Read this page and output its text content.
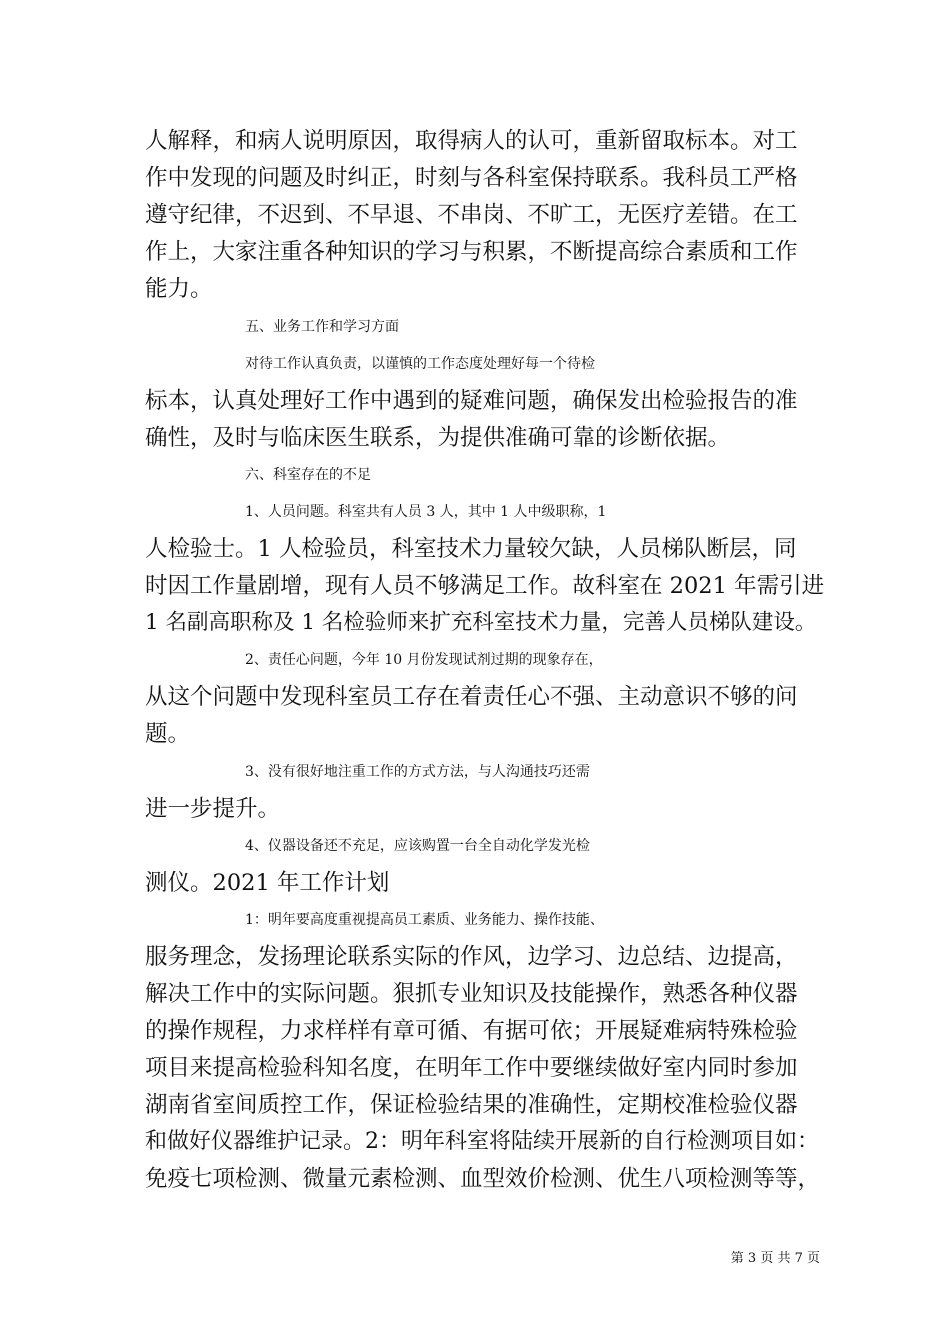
人解释，和病人说明原因，取得病人的认可，重新留取标本。对工
作中发现的问题及时纠正，时刻与各科室保持联系。我科员工严格
遵守纪律，不迟到、不早退、不串岗、不旷工，无医疗差错。在工
作上，大家注重各种知识的学习与积累，不断提高综合素质和工作
能力。
五、业务工作和学习方面
对待工作认真负责，以谨慎的工作态度处理好每一个待检
标本，认真处理好工作中遇到的疑难问题，确保发出检验报告的准
确性，及时与临床医生联系，为提供准确可靠的诊断依据。
六、科室存在的不足
1、人员问题。科室共有人员 3 人，其中 1 人中级职称，1
人检验士。1 人检验员，科室技术力量较欠缺，人员梯队断层，同
时因工作量剧增，现有人员不够满足工作。故科室在 2021 年需引进
1 名副高职称及 1 名检验师来扩充科室技术力量，完善人员梯队建设。
2、责任心问题，今年 10 月份发现试剂过期的现象存在，
从这个问题中发现科室员工存在着责任心不强、主动意识不够的问
题。
3、没有很好地注重工作的方式方法，与人沟通技巧还需
进一步提升。
4、仪器设备还不充足，应该购置一台全自动化学发光检
测仪。2021 年工作计划
1：明年要高度重视提高员工素质、业务能力、操作技能、
服务理念，发扬理论联系实际的作风，边学习、边总结、边提高，
解决工作中的实际问题。狠抓专业知识及技能操作，熟悉各种仪器
的操作规程，力求样样有章可循、有据可依；开展疑难病特殊检验
项目来提高检验科知名度，在明年工作中要继续做好室内同时参加
湖南省室间质控工作，保证检验结果的准确性，定期校准检验仪器
和做好仪器维护记录。2：明年科室将陆续开展新的自行检测项目如：
免疫七项检测、微量元素检测、血型效价检测、优生八项检测等等，
第 3 页 共 7 页
